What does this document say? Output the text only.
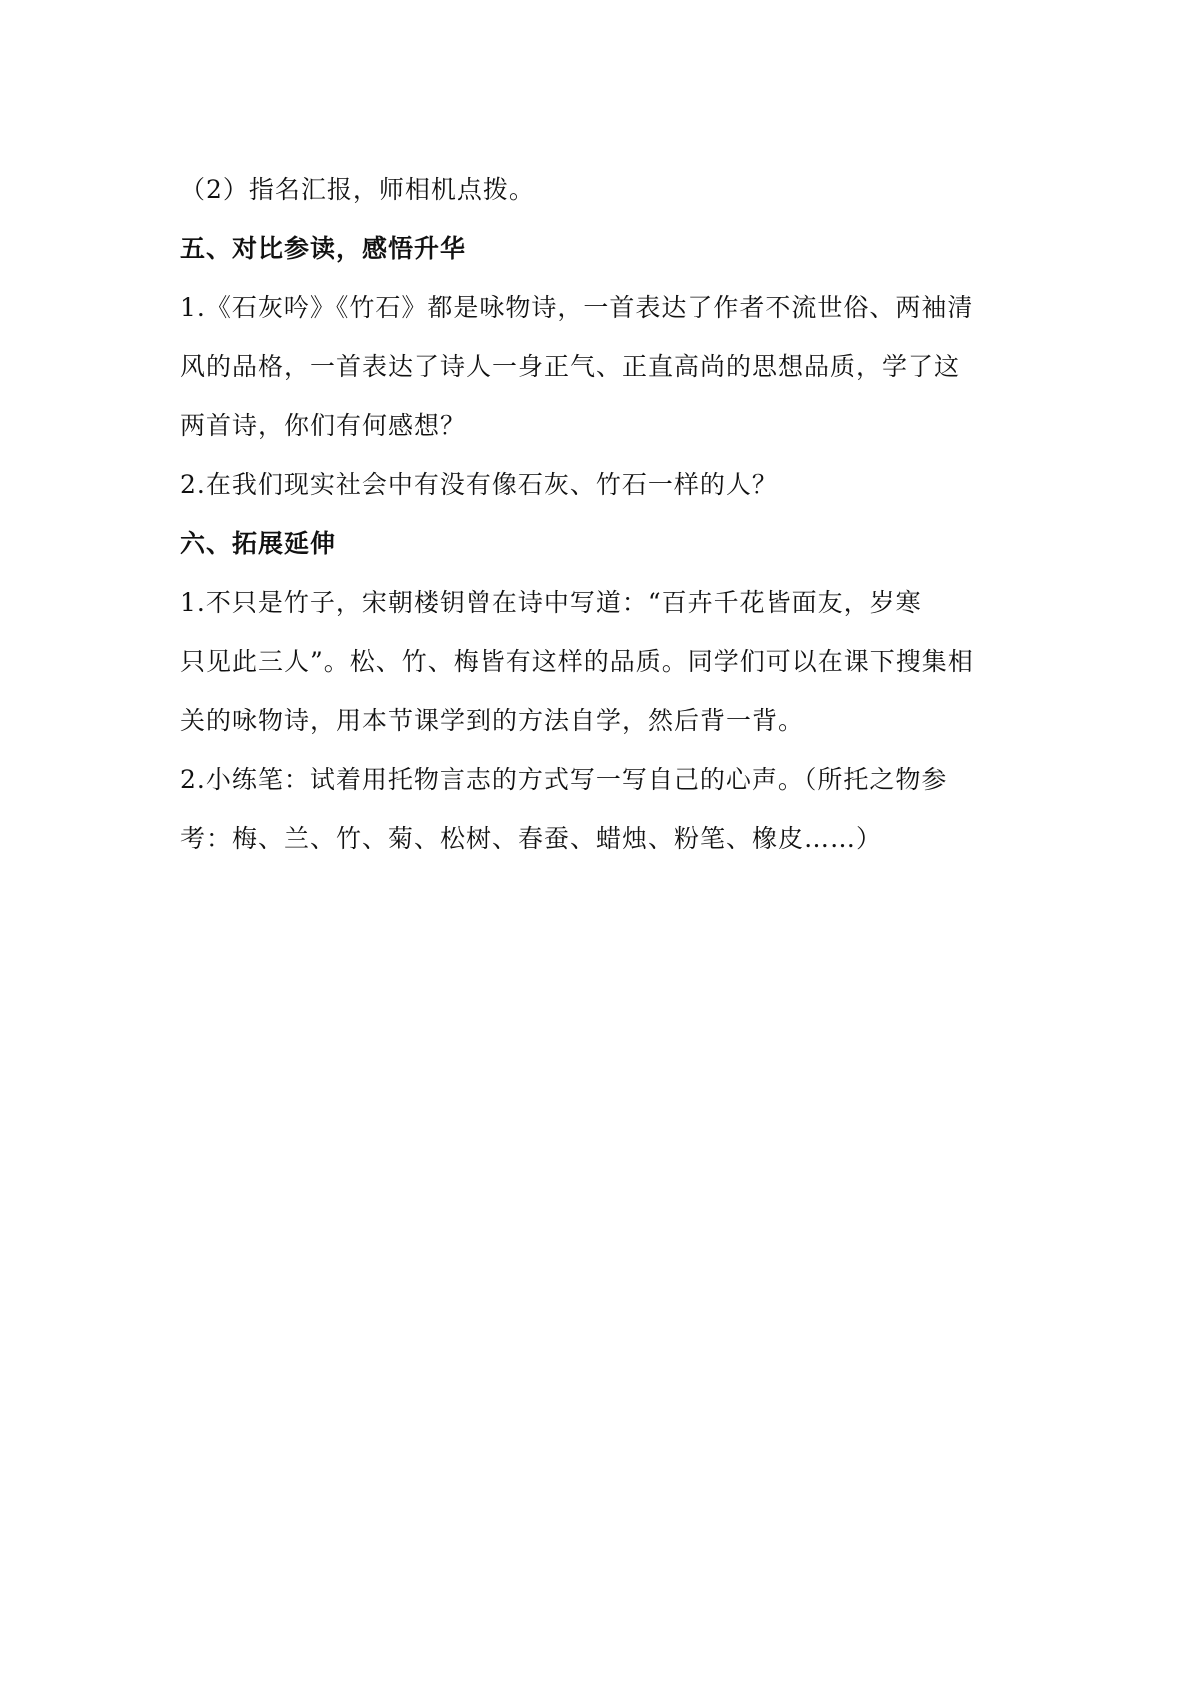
（2）指名汇报，师相机点拨。
五、对比参读，感悟升华
1.《石灰吟》《竹石》都是咏物诗，一首表达了作者不流世俗、两袖清
风的品格，一首表达了诗人一身正气、正直高尚的思想品质，学了这
两首诗，你们有何感想？
2.在我们现实社会中有没有像石灰、竹石一样的人？
六、拓展延伸
1.不只是竹子，宋朝楼钥曾在诗中写道：“百卉千花皆面友，岁寒
只见此三人”。松、竹、梅皆有这样的品质。同学们可以在课下搜集相
关的咏物诗，用本节课学到的方法自学，然后背一背。
2.小练笔：试着用托物言志的方式写一写自己的心声。（所托之物参
考：梅、兰、竹、菊、松树、春蚕、蜡烛、粉笔、橡皮……）
